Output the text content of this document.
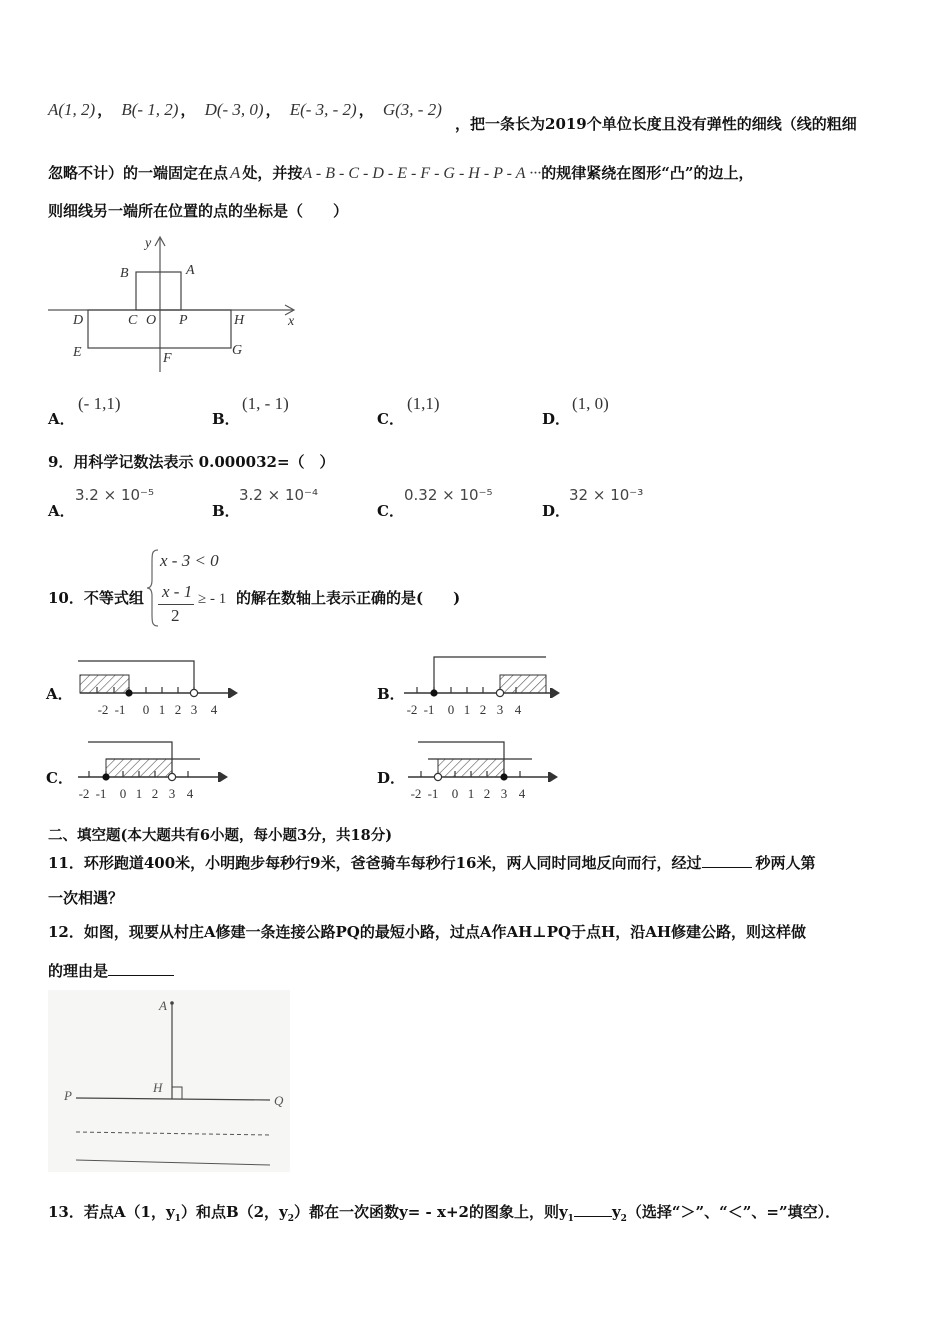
A(1, 2) ， B(- 1, 2) ， D(- 3, 0) ， E(- 3, - 2) ， G(3, - 2)
，把一条长为2019个单位长度且没有弹性的细线（线的粗细
忽略不计）的一端固定在点 A 处，并按A - B - C - D - E - F - G - H - P - A ···的规律紧绕在图形“凸”的边上，
则细线另一端所在位置的点的坐标是（　　）
y
x
A
B
C O P
D	H
E	G
F
A．
(- 1,1)
B．
(1, - 1)
C．
(1,1)
D．
(1, 0)
9．用科学记数法表示 0.000032=（　）
A．
3.2 × 10⁻⁵
B．
3.2 × 10⁻⁴
C．
0.32 × 10⁻⁵
D．
32 × 10⁻³
10．不等式组
x - 3 < 0
x - 1
2
≥ - 1 的解在数轴上表示正确的是(　　)
A．	B．
C．	D．
-2 -1 0 1 2 3 4	-2 -1 0 1 2 3 4
-2 -1 0 1 2 3 4	-2 -1 0 1 2 3 4
二、填空题(本大题共有6小题，每小题3分，共18分)
11．环形跑道400米，小明跑步每秒行9米，爸爸骑车每秒行16米，两人同时同地反向而行，经过	秒两人第
一次相遇？
12．如图，现要从村庄A修建一条连接公路PQ的最短小路，过点A作AH⊥PQ于点H，沿AH修建公路，则这样做
的理由是
A
H
P	Q
13．若点A（1，$y_1$）和点B（2，$y_2$）都在一次函数y= - x+2的图象上，则$y_1$	$y_2$（选择“＞”、“＜”、=”填空）．
